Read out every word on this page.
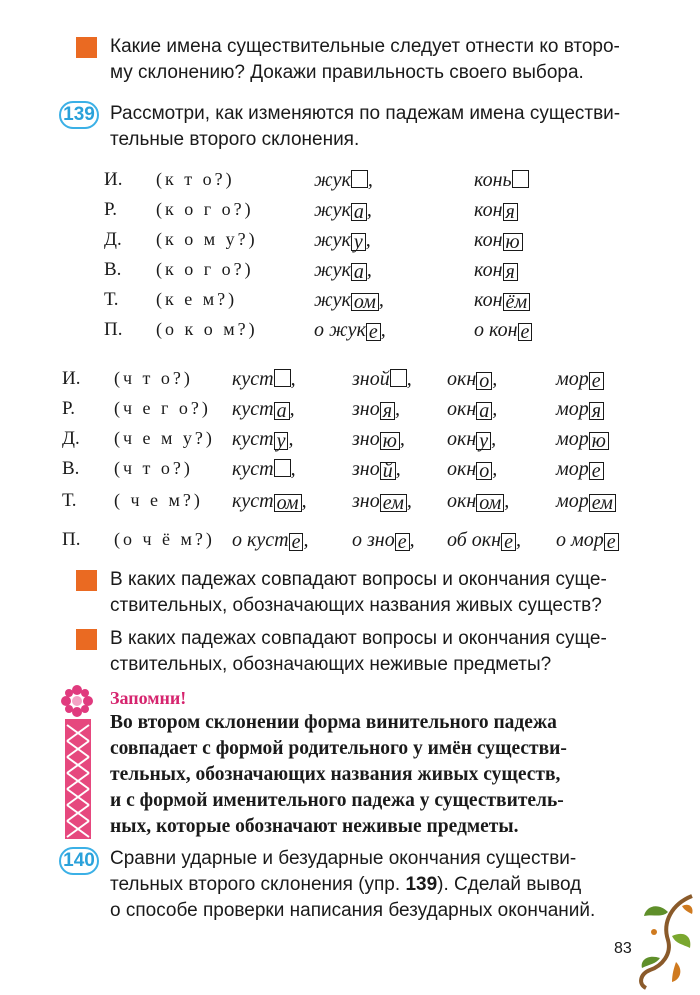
Какие имена существительные следует отнести ко второ-
му склонению? Докажи правильность своего выбора.
139 Рассмотри, как изменяются по падежам имена существи-
тельные второго склонения.
В каких падежах совпадают вопросы и окончания суще-
ствительных, обозначающих названия живых существ?
В каких падежах совпадают вопросы и окончания суще-
ствительных, обозначающих неживые предметы?
Запомни!
Во втором склонении форма винительного падежа
совпадает с формой родительного у имён существи-
тельных, обозначающих названия живых существ,
и с формой именительного падежа у существитель-
ных, которые обозначают неживые предметы.
140 Сравни ударные и безударные окончания существи-
тельных второго склонения (упр. 139). Сделай вывод
о способе проверки написания безударных окончаний.
83
И. (к т о?)	жук ,	конь
Р. (к о г о?)	жук а ,	кон я
Д. (к о м у?)	жук у ,	кон ю
В. (к о г о?)	жук а ,	кон я
Т. (к е м?)	жук ом ,	кон ём
П. (о к о м?)	о жук е ,	о кон е
И. (ч т о?) куст ,	зной , окн о ,	мор е
Р. (ч е г о?) куст а ,	зно я , окн а ,	мор я
Д. (ч е м у?) куст у ,	зно ю , окн у ,	мор ю
В. (ч т о?) куст ,	зно й , окн о ,	мор е
Т. ( ч е м?) куст ом , зно ем , окн ом , мор ем
П. (о ч ё м?) о куст е , о зно е , об окн е , о мор е
